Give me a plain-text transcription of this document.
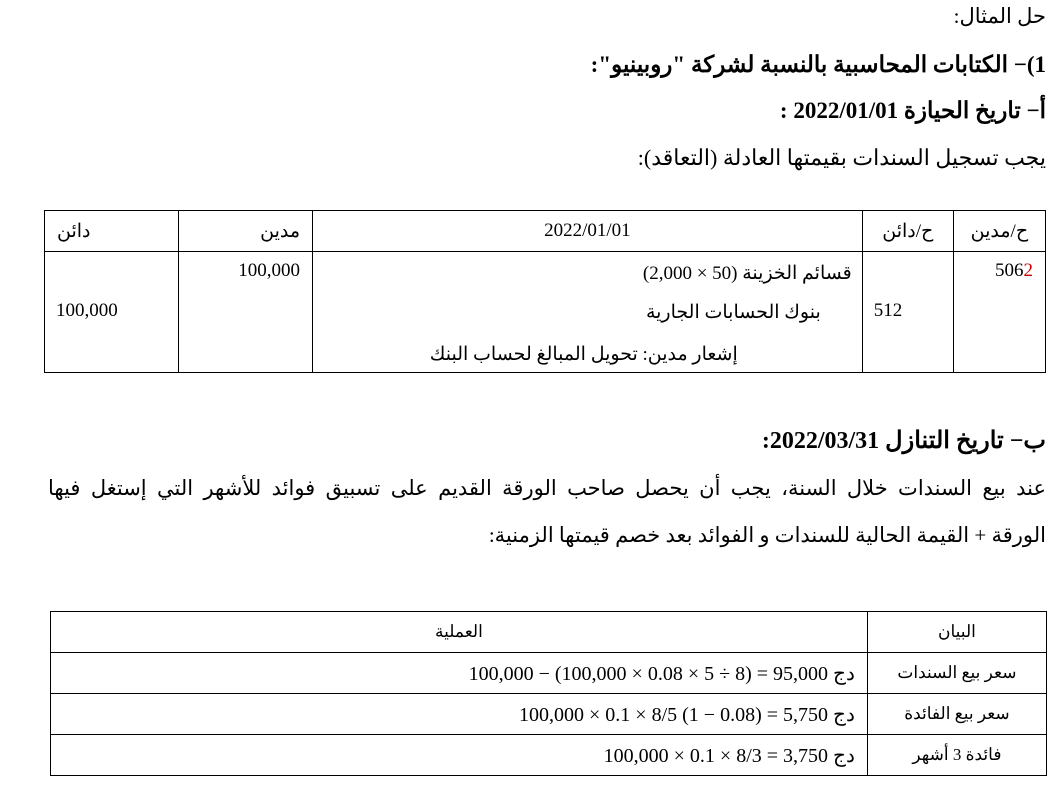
حل المثال:
1)− الكتابات المحاسبية بالنسبة لشركة "روبينيو":
أ− تاريخ الحيازة 2022/01/01 :
يجب تسجيل السندات بقيمتها العادلة (التعاقد):
دائن	مدين	2022/01/01	ح/دائن	ح/مدين

100,000	100,000	قسائم الخزينة (50 × 2,000)
بنوك الحسابات الجارية
إشعار مدين: تحويل المبالغ لحساب البنك	512	5062
ب− تاريخ التنازل 2022/03/31:
عند بيع السندات خلال السنة، يجب أن يحصل صاحب الورقة القديم على تسبيق فوائد للأشهر التي إستغل فيها
الورقة + القيمة الحالية للسندات و الفوائد بعد خصم قيمتها الزمنية:
العملية	البيان
دج 95,000 = (8 ÷ 5 × 0.08 × 100,000) − 100,000	سعر بيع السندات
دج 5,750 = (0.08 − 1) 8/5 × 0.1 × 100,000	سعر بيع الفائدة
دج 3,750 = 8/3 × 0.1 × 100,000	فائدة 3 أشهر
